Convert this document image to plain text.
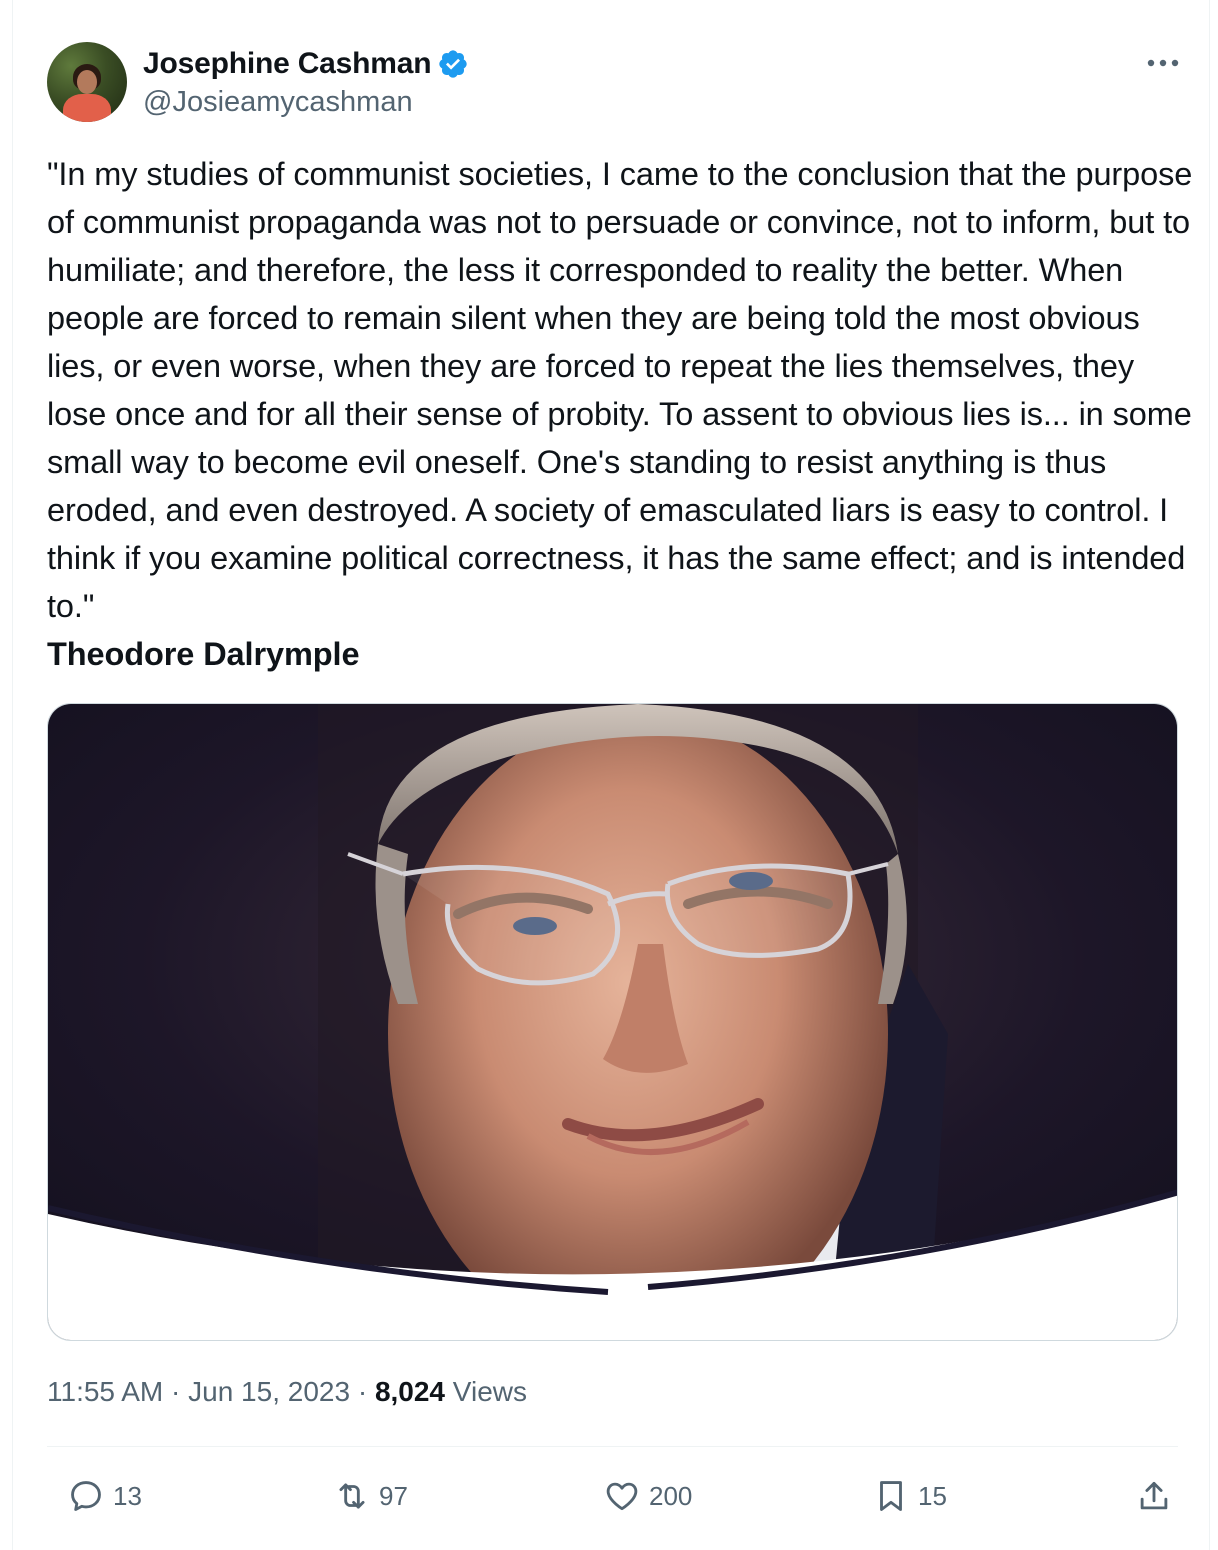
Josephine Cashman
@Josieamycashman
"In my studies of communist societies, I came to the conclusion that the purpose of communist propaganda was not to persuade or convince, not to inform, but to humiliate; and therefore, the less it corresponded to reality the better. When people are forced to remain silent when they are being told the most obvious lies, or even worse, when they are forced to repeat the lies themselves, they lose once and for all their sense of probity. To assent to obvious lies is... in some small way to become evil oneself. One's standing to resist anything is thus eroded, and even destroyed. A society of emasculated liars is easy to control. I think if you examine political correctness, it has the same effect; and is intended to."
Theodore Dalrymple
11:55 AM · Jun 15, 2023 · 8,024 Views
13	97	200	15
